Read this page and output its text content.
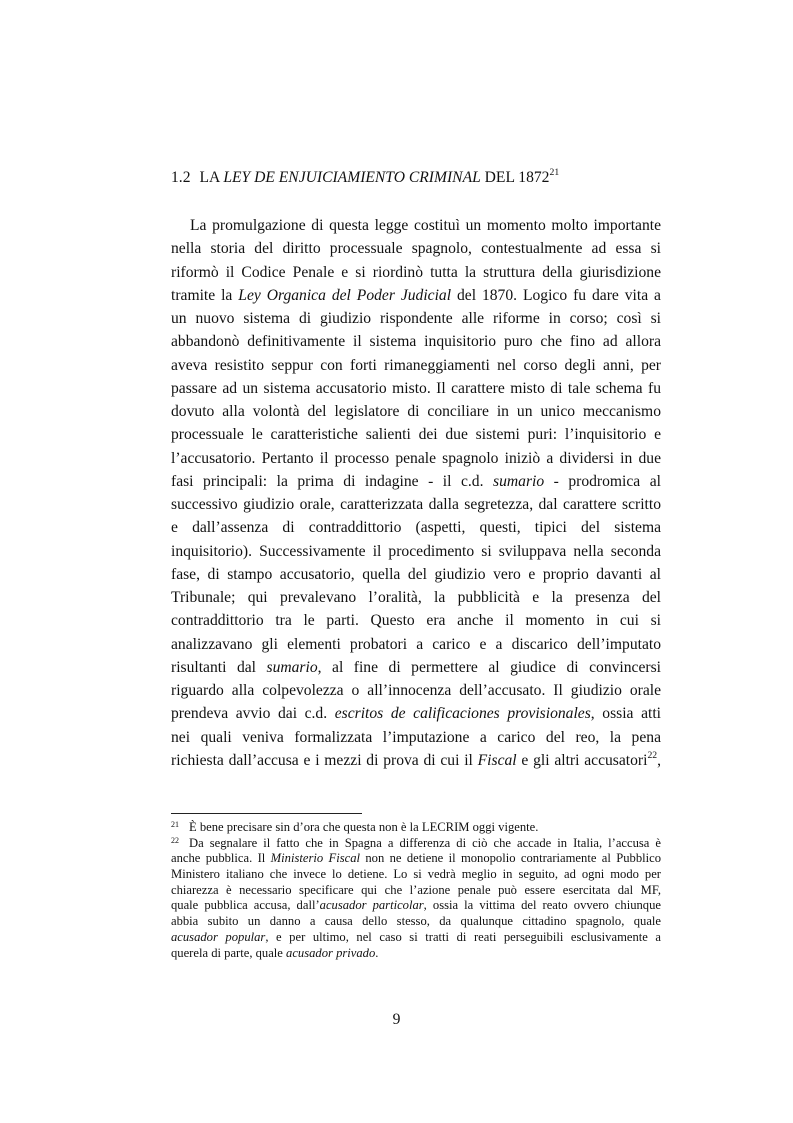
1.2 LA LEY DE ENJUICIAMIENTO CRIMINAL DEL 1872$^{21}$
La promulgazione di questa legge costituì un momento molto importante
nella storia del diritto processuale spagnolo, contestualmente ad essa si
riformò il Codice Penale e si riordinò tutta la struttura della giurisdizione
tramite la Ley Organica del Poder Judicial del 1870. Logico fu dare vita a
un nuovo sistema di giudizio rispondente alle riforme in corso; così si
abbandonò definitivamente il sistema inquisitorio puro che fino ad allora
aveva resistito seppur con forti rimaneggiamenti nel corso degli anni, per
passare ad un sistema accusatorio misto. Il carattere misto di tale schema fu
dovuto alla volontà del legislatore di conciliare in un unico meccanismo
processuale le caratteristiche salienti dei due sistemi puri: l’inquisitorio e
l’accusatorio. Pertanto il processo penale spagnolo iniziò a dividersi in due
fasi principali: la prima di indagine - il c.d. sumario - prodromica al
successivo giudizio orale, caratterizzata dalla segretezza, dal carattere scritto
e dall’assenza di contraddittorio (aspetti, questi, tipici del sistema
inquisitorio). Successivamente il procedimento si sviluppava nella seconda
fase, di stampo accusatorio, quella del giudizio vero e proprio davanti al
Tribunale; qui prevalevano l’oralità, la pubblicità e la presenza del
contraddittorio tra le parti. Questo era anche il momento in cui si
analizzavano gli elementi probatori a carico e a discarico dell’imputato
risultanti dal sumario, al fine di permettere al giudice di convincersi
riguardo alla colpevolezza o all’innocenza dell’accusato. Il giudizio orale
prendeva avvio dai c.d. escritos de calificaciones provisionales, ossia atti
nei quali veniva formalizzata l’imputazione a carico del reo, la pena
richiesta dall’accusa e i mezzi di prova di cui il Fiscal e gli altri accusatori$^{22}$,
$^{21}$ È bene precisare sin d’ora che questa non è la LECRIM oggi vigente.
$^{22}$ Da segnalare il fatto che in Spagna a differenza di ciò che accade in Italia, l’accusa è
anche pubblica. Il Ministerio Fiscal non ne detiene il monopolio contrariamente al Pubblico
Ministero italiano che invece lo detiene. Lo si vedrà meglio in seguito, ad ogni modo per
chiarezza è necessario specificare qui che l’azione penale può essere esercitata dal MF,
quale pubblica accusa, dall’acusador particolar, ossia la vittima del reato ovvero chiunque
abbia subito un danno a causa dello stesso, da qualunque cittadino spagnolo, quale
acusador popular, e per ultimo, nel caso si tratti di reati perseguibili esclusivamente a
querela di parte, quale acusador privado.
9
